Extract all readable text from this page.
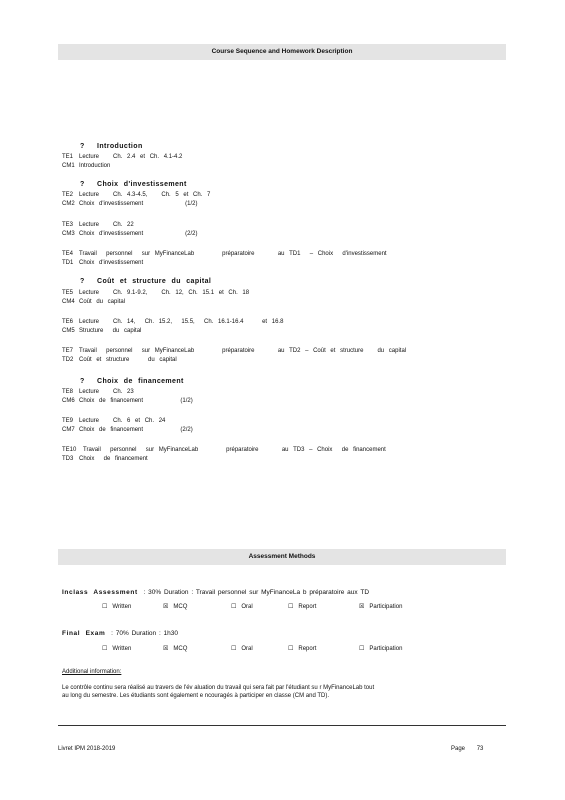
Course Sequence and Homework Description
? Introduction
TE1 Lecture   Ch. 2.4 et Ch. 4.1-4.2
CM1 Introduction
? Choix d'investissement
TE2 Lecture   Ch. 4.3-4.5,   Ch. 5 et Ch. 7
CM2 Choix d'investissement         (1/2)
TE3 Lecture   Ch. 22
CM3 Choix d'investissement         (2/2)
TE4 Travail  personnel  sur MyFinanceLab      préparatoire     au TD1  – Choix  d'investissement
TD1 Choix d'investissement
? Coût et structure du capital
TE5 Lecture   Ch. 9.1-9.2,   Ch. 12, Ch. 15.1 et Ch. 18
CM4 Coût du capital
TE6 Lecture   Ch. 14,  Ch. 15.2,  15.5,  Ch. 16.1-16.4    et 16.8
CM5 Structure  du capital
TE7 Travail  personnel  sur MyFinanceLab      préparatoire     au TD2 – Coût et structure   du capital
TD2 Coût et structure    du capital
? Choix de financement
TE8 Lecture   Ch. 23
CM6 Choix de financement        (1/2)
TE9 Lecture   Ch. 6 et Ch. 24
CM7 Choix de financement        (2/2)
TE10 Travail  personnel  sur MyFinanceLab      préparatoire     au TD3 – Choix  de financement
TD3 Choix  de financement
Assessment Methods
Inclass Assessment : 30% Duration : Travail personnel sur MyFinanceLa b préparatoire aux TD
☐ Written	☒ MCQ	☐ Oral	☐ Report	☒ Participation
Final Exam : 70% Duration : 1h30
☐ Written	☒ MCQ	☐ Oral	☐ Report	☐ Participation
Additional information:
Le contrôle continu sera réalisé au travers de l'év aluation du travail qui sera fait par l'étudiant su r MyFinanceLab tout
au long du semestre. Les étudiants sont également e ncouragés à participer en classe (CM and TD).
Livret IPM 2018-2019	Page 73
